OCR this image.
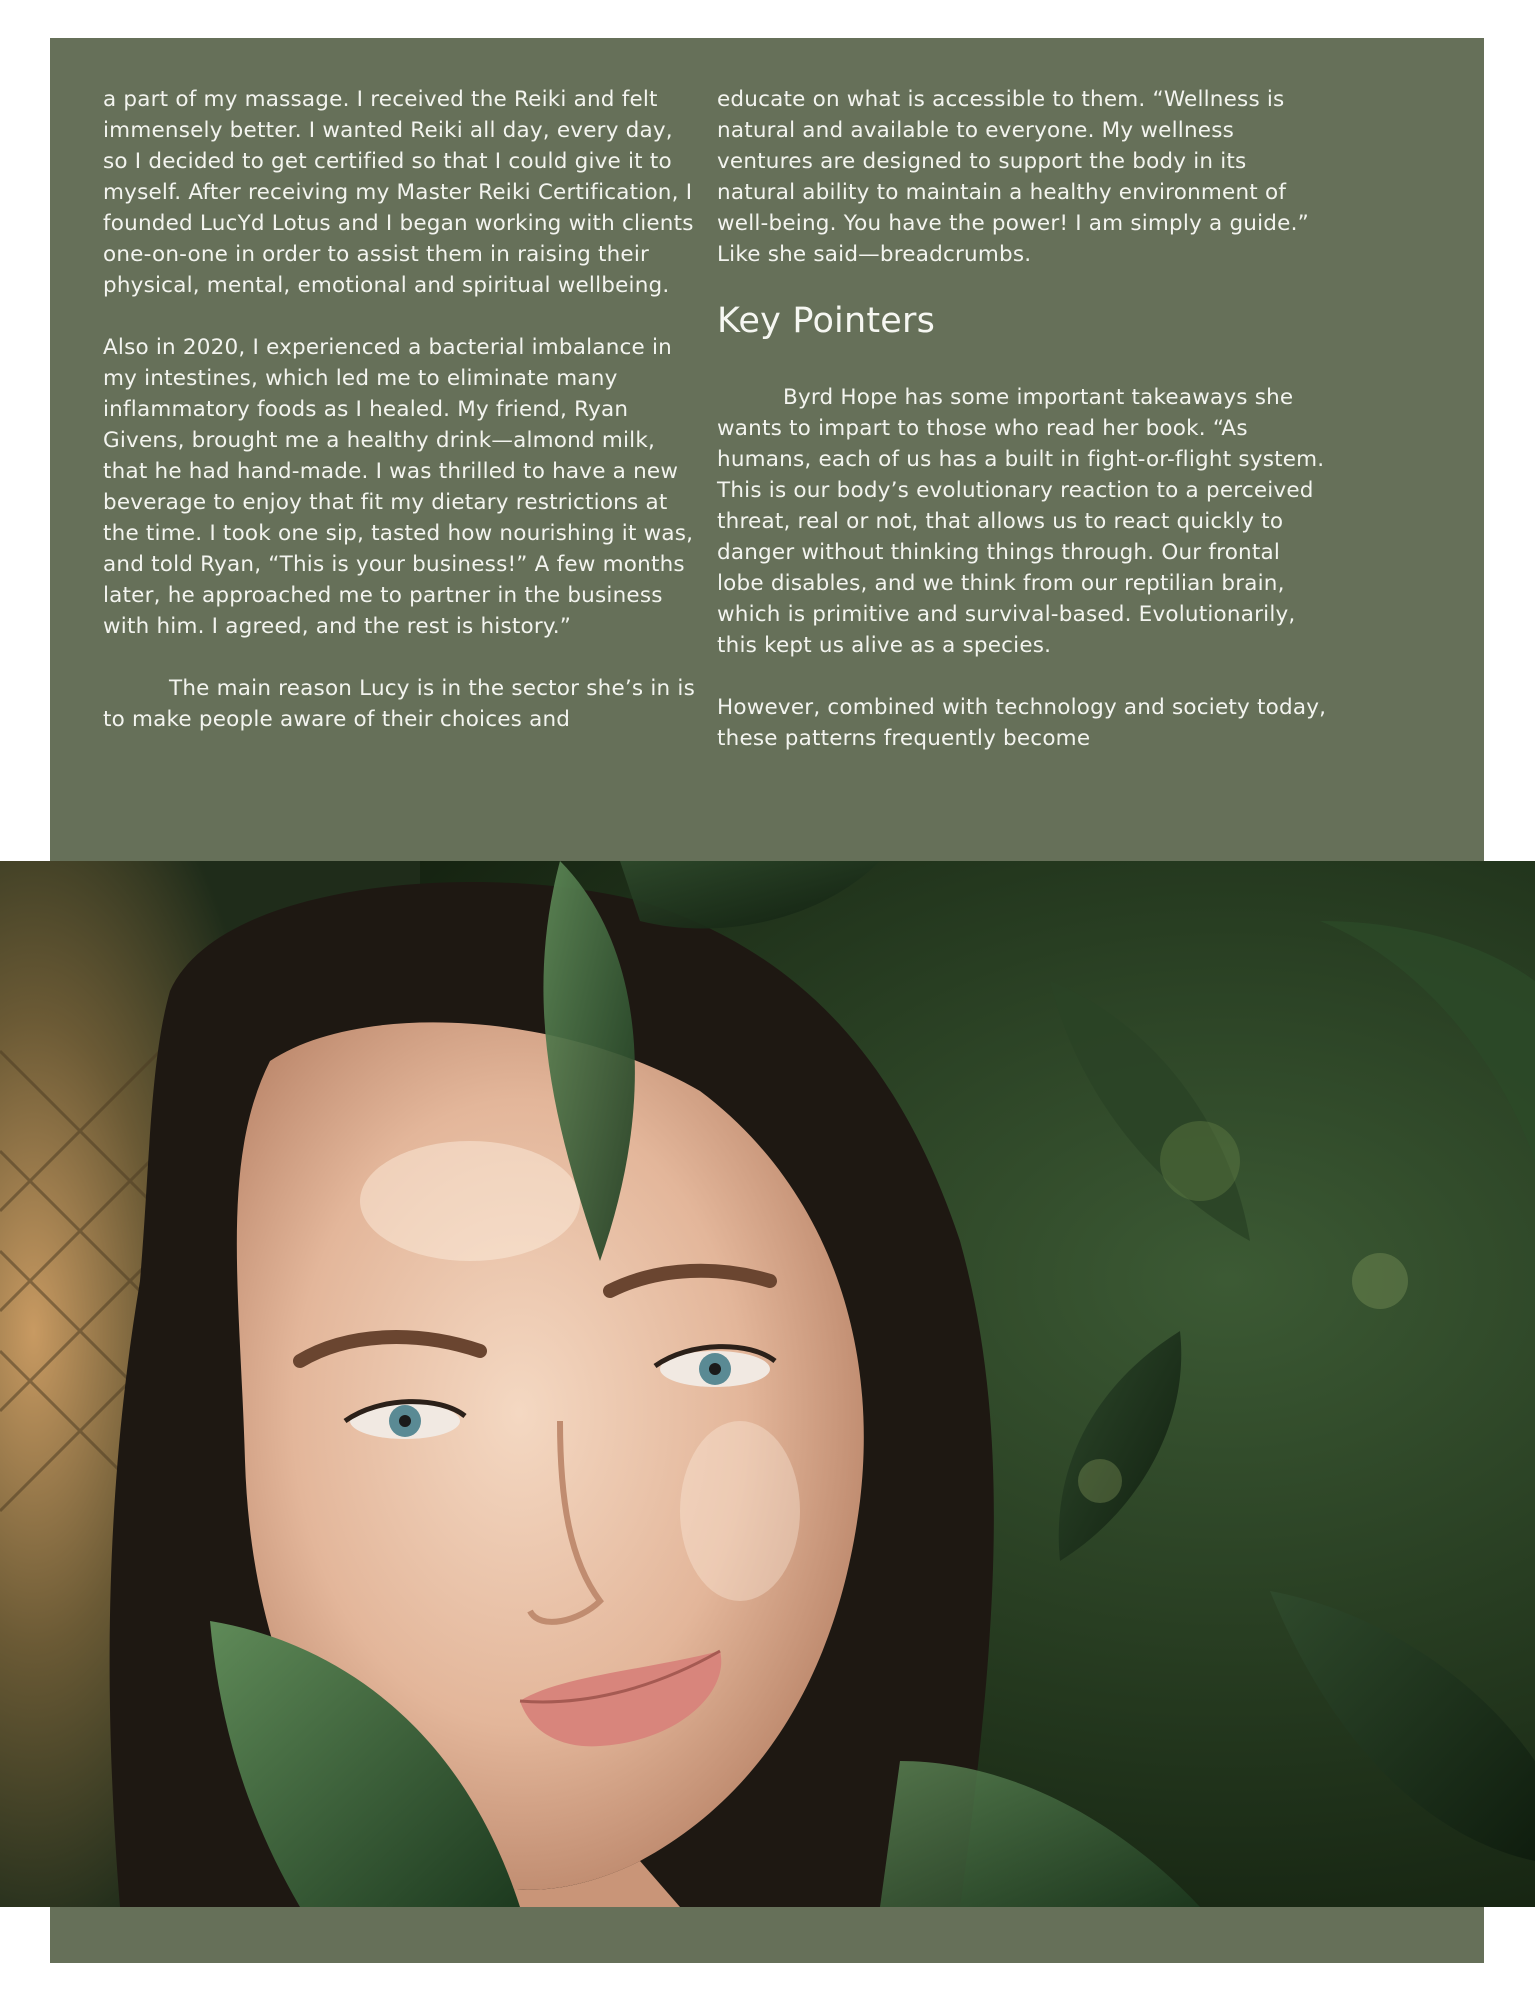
a part of my massage. I received the Reiki and felt immensely better. I wanted Reiki all day, every day, so I decided to get certified so that I could give it to myself. After receiving my Master Reiki Certification, I founded LucYd Lotus and I began working with clients one-on-one in order to assist them in raising their physical, mental, emotional and spiritual wellbeing.

Also in 2020, I experienced a bacterial imbalance in my intestines, which led me to eliminate many inflammatory foods as I healed. My friend, Ryan Givens, brought me a healthy drink—almond milk, that he had hand-made. I was thrilled to have a new beverage to enjoy that fit my dietary restrictions at the time. I took one sip, tasted how nourishing it was, and told Ryan, “This is your business!” A few months later, he approached me to partner in the business with him. I agreed, and the rest is history.”

The main reason Lucy is in the sector she’s in is to make people aware of their choices and

educate on what is accessible to them. “Wellness is natural and available to everyone. My wellness ventures are designed to support the body in its natural ability to maintain a healthy environment of well-being. You have the power! I am simply a guide.” Like she said—breadcrumbs.

Key Pointers

Byrd Hope has some important takeaways she wants to impart to those who read her book. “As humans, each of us has a built in fight-or-flight system. This is our body’s evolutionary reaction to a perceived threat, real or not, that allows us to react quickly to danger without thinking things through. Our frontal lobe disables, and we think from our reptilian brain, which is primitive and survival-based. Evolutionarily, this kept us alive as a species.

However, combined with technology and society today, these patterns frequently become
